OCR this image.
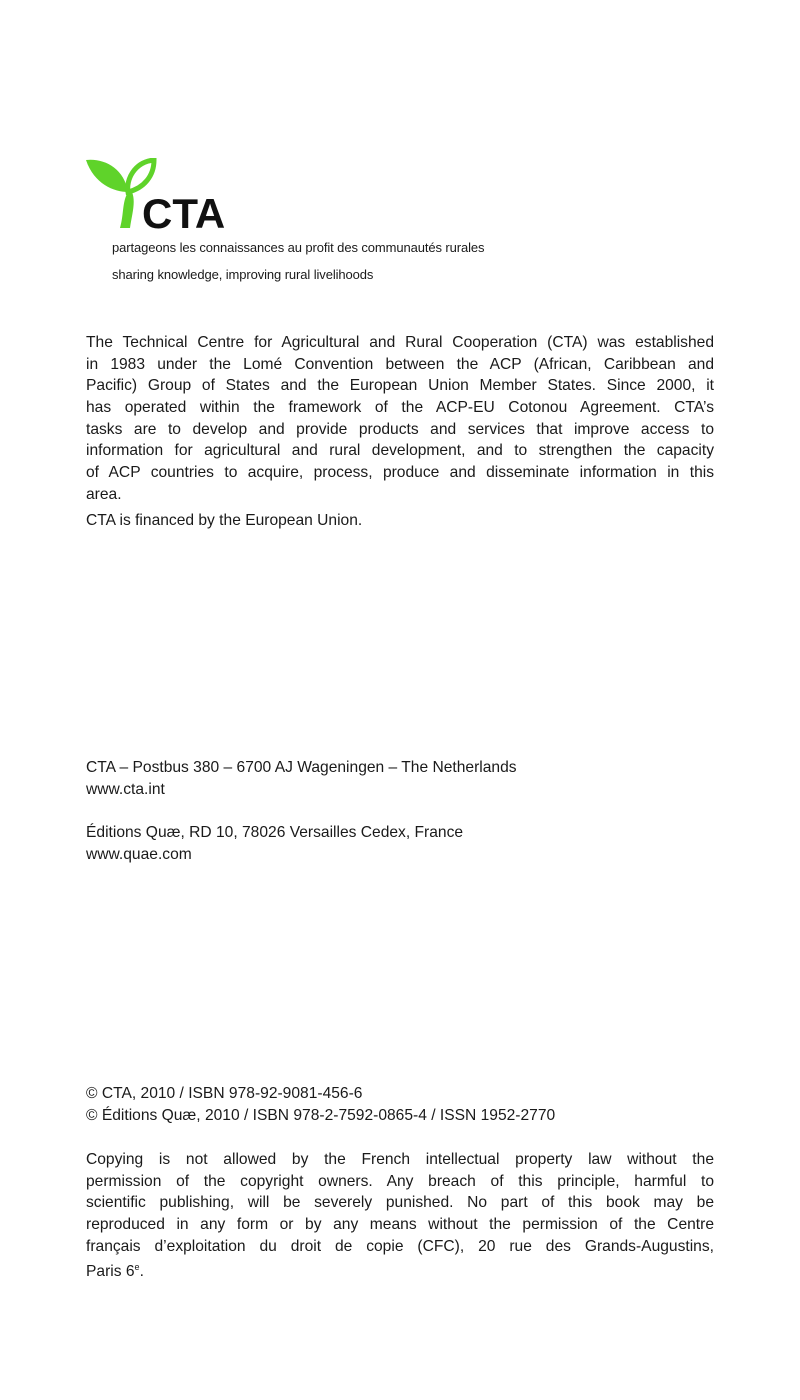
CTA
partageons les connaissances au profit des communautés rurales
sharing knowledge, improving rural livelihoods
The Technical Centre for Agricultural and Rural Cooperation (CTA) was established
in 1983 under the Lomé Convention between the ACP (African, Caribbean and
Pacific) Group of States and the European Union Member States. Since 2000, it
has operated within the framework of the ACP-EU Cotonou Agreement. CTA’s
tasks are to develop and provide products and services that improve access to
information for agricultural and rural development, and to strengthen the capacity
of ACP countries to acquire, process, produce and disseminate information in this
area.
CTA is financed by the European Union.
CTA – Postbus 380 – 6700 AJ Wageningen – The Netherlands
www.cta.int
Éditions Quæ, RD 10, 78026 Versailles Cedex, France
www.quae.com
© CTA, 2010 / ISBN 978-92-9081-456-6
© Éditions Quæ, 2010 / ISBN 978-2-7592-0865-4 / ISSN 1952-2770
Copying is not allowed by the French intellectual property law without the
permission of the copyright owners. Any breach of this principle, harmful to
scientific publishing, will be severely punished. No part of this book may be
reproduced in any form or by any means without the permission of the Centre
français d’exploitation du droit de copie (CFC), 20 rue des Grands-Augustins,
Paris 6e.
